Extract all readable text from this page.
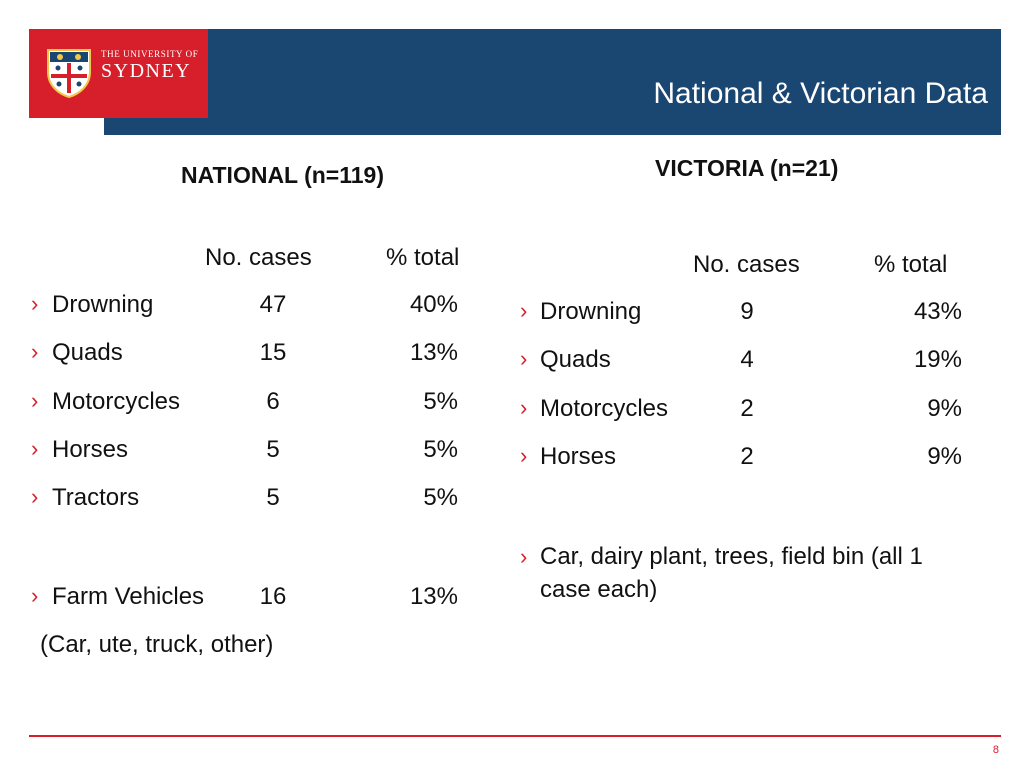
THE UNIVERSITY OF
SYDNEY
National & Victorian Data
NATIONAL (n=119)
No. cases	% total
› Drowning	47	40%
› Quads	15	13%
› Motorcycles	6	5%
› Horses	5	5%
› Tractors	5	5%
› Farm Vehicles	16	13%
(Car, ute, truck, other)
VICTORIA (n=21)
No. cases	% total
› Drowning	9	43%
› Quads	4	19%
› Motorcycles	2	9%
› Horses	2	9%
› Car, dairy plant, trees, field bin (all 1 case each)
8
